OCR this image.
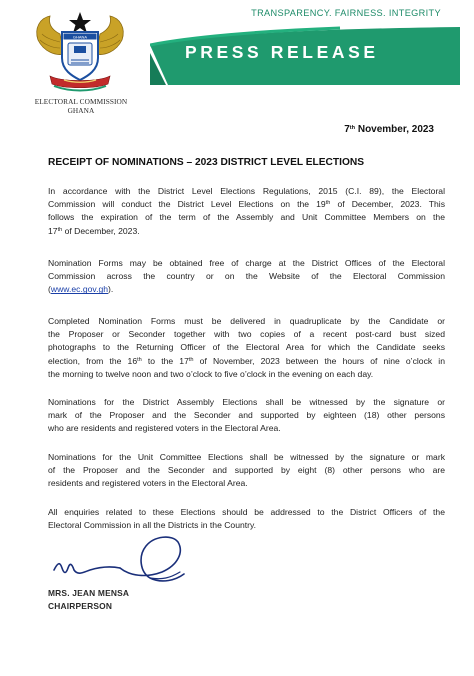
GHANA
ELECTORAL COMMISSION
GHANA
TRANSPARENCY. FAIRNESS. INTEGRITY
PRESS RELEASE
7th November, 2023
RECEIPT OF NOMINATIONS – 2023 DISTRICT LEVEL ELECTIONS
In accordance with the District Level Elections Regulations, 2015 (C.I. 89), the Electoral
Commission will conduct the District Level Elections on the 19th of December, 2023. This
follows the expiration of the term of the Assembly and Unit Committee Members on the
17th of December, 2023.
Nomination Forms may be obtained free of charge at the District Offices of the Electoral
Commission across the country or on the Website of the Electoral Commission
(www.ec.gov.gh).
Completed Nomination Forms must be delivered in quadruplicate by the Candidate or
the Proposer or Seconder together with two copies of a recent post-card bust sized
photographs to the Returning Officer of the Electoral Area for which the Candidate seeks
election, from the 16th to the 17th of November, 2023 between the hours of nine o’clock in
the morning to twelve noon and two o’clock to five o’clock in the evening on each day.
Nominations for the District Assembly Elections shall be witnessed by the signature or
mark of the Proposer and the Seconder and supported by eighteen (18) other persons
who are residents and registered voters in the Electoral Area.
Nominations for the Unit Committee Elections shall be witnessed by the signature or mark
of the Proposer and the Seconder and supported by eight (8) other persons who are
residents and registered voters in the Electoral Area.
All enquiries related to these Elections should be addressed to the District Officers of the
Electoral Commission in all the Districts in the Country.
MRS. JEAN MENSA
CHAIRPERSON
